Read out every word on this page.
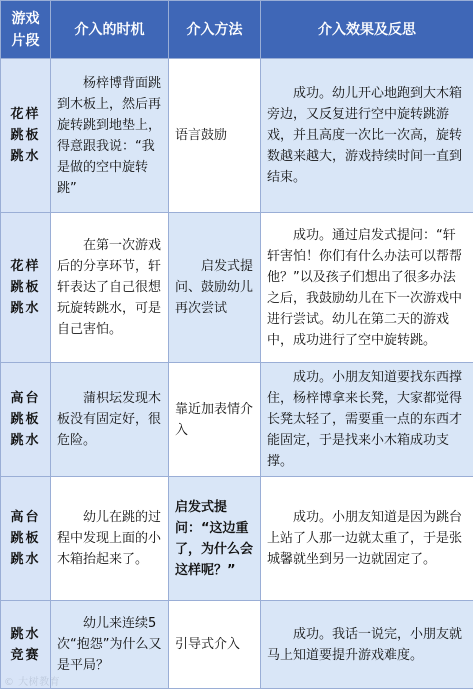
游戏 片段	介入的时机	介入方法	介入效果及反思

花样
跳板
跳水	杨梓博背面跳到木板上，然后再旋转跳到地垫上，得意跟我说：“我是做的空中旋转跳”	语言鼓励	成功。幼儿开心地跑到大木箱旁边，又反复进行空中旋转跳游戏，并且高度一次比一次高，旋转数越来越大，游戏持续时间一直到结束。

花样
跳板
跳水	在第一次游戏后的分享环节，轩轩表达了自己很想玩旋转跳水，可是自己害怕。	启发式提问、鼓励幼儿再次尝试	成功。通过启发式提问：“轩轩害怕！你们有什么办法可以帮帮他？”以及孩子们想出了很多办法之后，我鼓励幼儿在下一次游戏中进行尝试。幼儿在第二天的游戏中，成功进行了空中旋转跳。

高台
跳板
跳水	蒲枳坛发现木板没有固定好，很危险。	靠近加表情介入	成功。小朋友知道要找东西撑住，杨梓博拿来长凳，大家都觉得长凳太轻了，需要重一点的东西才能固定，于是找来小木箱成功支撑。

高台
跳板
跳水	幼儿在跳的过程中发现上面的小木箱抬起来了。	启发式提问：“这边重了，为什么会这样呢？”	成功。小朋友知道是因为跳台上站了人那一边就太重了，于是张城馨就坐到另一边就固定了。

跳水
竞赛	幼儿来连续5次“抱怨”为什么又是平局？	引导式介入	成功。我话一说完，小朋友就马上知道要提升游戏难度。
© 大树教育
